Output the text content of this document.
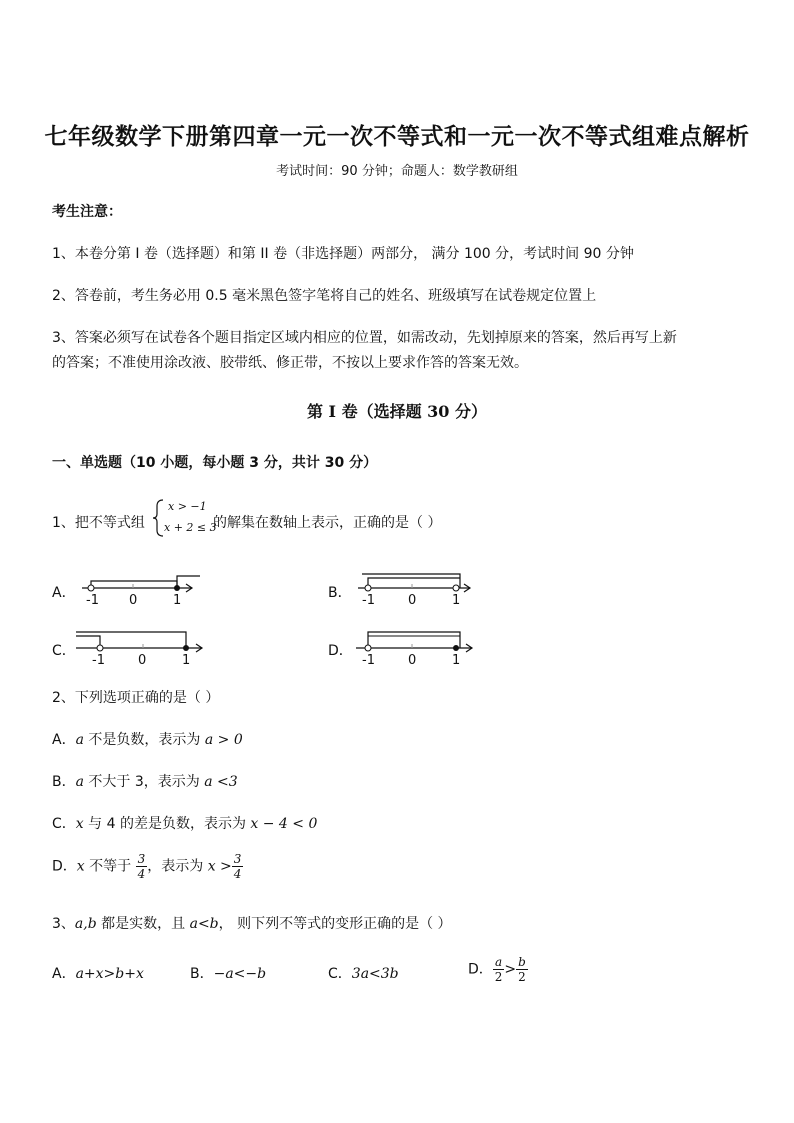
七年级数学下册第四章一元一次不等式和一元一次不等式组难点解析
考试时间：90 分钟；命题人：数学教研组
考生注意：
1、本卷分第 I 卷（选择题）和第 II 卷（非选择题）两部分， 满分 100 分，考试时间 90 分钟
2、答卷前，考生务必用 0.5 毫米黑色签字笔将自己的姓名、班级填写在试卷规定位置上
3、答案必须写在试卷各个题目指定区域内相应的位置，如需改动，先划掉原来的答案，然后再写上新
的答案；不准使用涂改液、胶带纸、修正带，不按以上要求作答的答案无效。
第 I 卷（选择题 30 分）
一、单选题（10 小题，每小题 3 分，共计 30 分）
1、把不等式组
x > −1
x + 2 ≤ 3
的解集在数轴上表示，正确的是（ ）
A．	B．
C．	D．
-1 0	1	-1	0	1
-1	0	1	-1	0	1
2、下列选项正确的是（ ）
A．a 不是负数，表示为 a > 0
B．a 不大于 3，表示为 a <3
C．x 与 4 的差是负数，表示为 x − 4 < 0
D．x 不等于 $\frac{3}{4}$ ，表示为 $x > \frac{3}{4}$
3、a,b 都是实数，且 a<b， 则下列不等式的变形正确的是（ ）
A．a+x>b+x	B．−a<−b	C．3a<3b	D． $\frac{a}{2} > \frac{b}{2}$
